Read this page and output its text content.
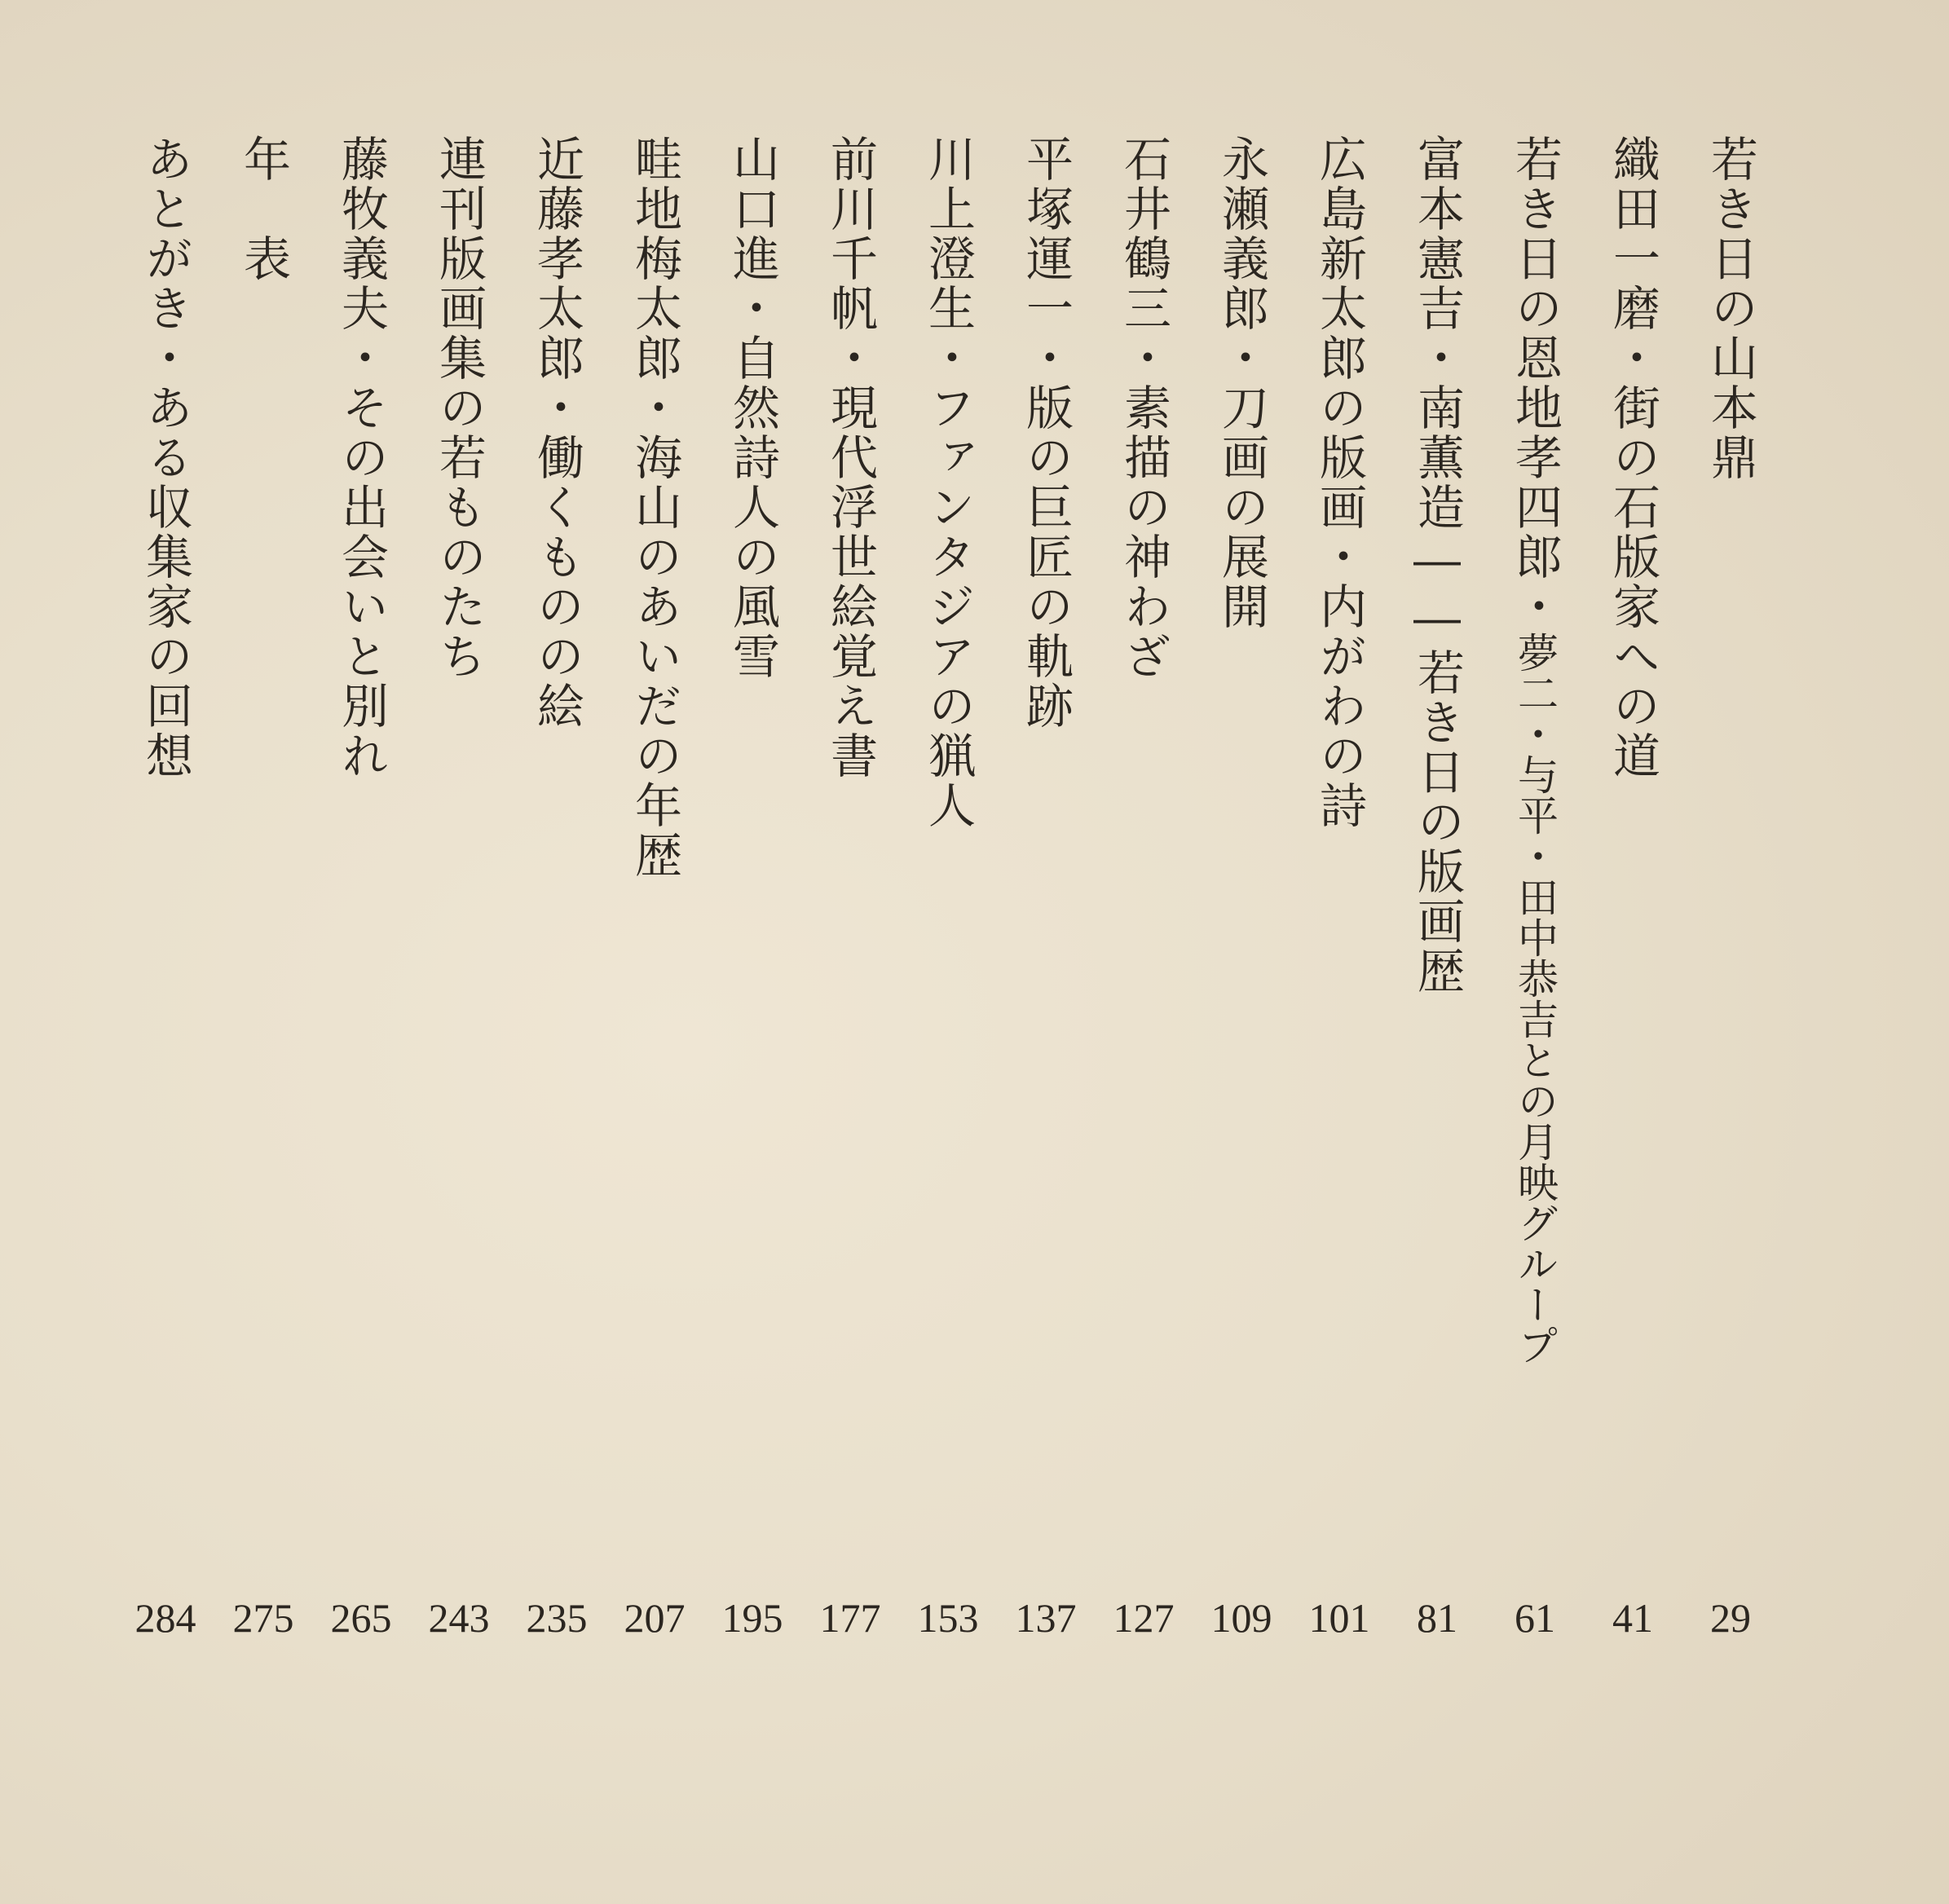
若き日の山本鼎
29
織田一磨・街の石版家への道
41
若き日の恩地孝四郎・夢二・与平・田中恭吉との月映グループ
61
富本憲吉・南薫造――若き日の版画歴
81
広島新太郎の版画・内がわの詩
101
永瀬義郎・刀画の展開
109
石井鶴三・素描の神わざ
127
平塚運一・版の巨匠の軌跡
137
川上澄生・ファンタジアの猟人
153
前川千帆・現代浮世絵覚え書
177
山口進・自然詩人の風雪
195
畦地梅太郎・海山のあいだの年歴
207
近藤孝太郎・働くものの絵
235
連刊版画集の若ものたち
243
藤牧義夫・その出会いと別れ
265
年　表
275
あとがき・ある収集家の回想
284
